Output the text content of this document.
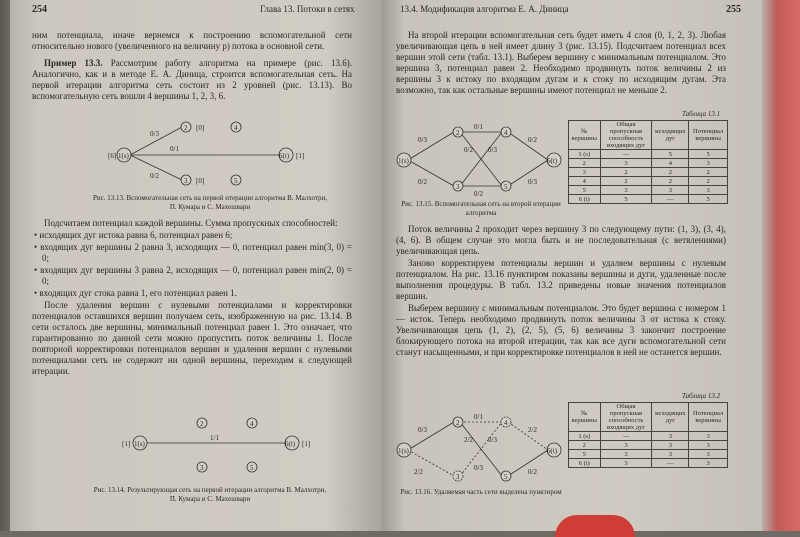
254	Глава 13. Потоки в сетях

ним потенциала, иначе вернемся к построению вспомогательной сети относительно нового (увеличенного на величину p) потока в основной сети.

Пример 13.3. Рассмотрим работу алгоритма на примере (рис. 13.6). Аналогично, как и в методе Е. А. Диница, строится вспомогательная сеть. На первой итерации алгоритма сеть состоит из 2 уровней (рис. 13.13). Во вспомогательную сеть вошли 4 вершины 1, 2, 3, 6.

1(s)
2	4
3	5
6(t)
0/3
0/1
0/2
[6]
[0]
[0]
[1]
Рис. 13.13. Вспомогательная сеть на первой итерации алгоритма В. Малхотри, П. Кумара и С. Махешвари

Подсчитаем потенциал каждой вершины. Сумма пропускных способностей:

• исходящих дуг истока равна 6, потенциал равен 6;

• входящих дуг вершины 2 равна 3, исходящих — 0, потенциал равен min(3, 0) = 0;

• входящих дуг вершины 3 равна 2, исходящих — 0, потенциал равен min(2, 0) = 0;

• входящих дуг стока равна 1, его потенциал равен 1.

После удаления вершин с нулевыми потенциалами и корректировки потенциалов оставшихся вершин получаем сеть, изображенную на рис. 13.14. В сети осталось две вершины, минимальный потенциал равен 1. Это означает, что гарантированно по данной сети можно пропустить поток величины 1. После повторной корректировки потенциалов вершин и удаления вершин с нулевыми потенциалами сеть не содержит ни одной вершины, переходим к следующей итерации.

1(s)
2	4
3	5
6(t)
1/1
[1]	[1]
Рис. 13.14. Результирующая сеть на первой итерации алгоритма В. Малхотри, П. Кумара и С. Махешвари
13.4. Модификация алгоритма Е. А. Диница	255

На второй итерации вспомогательная сеть будет иметь 4 слоя (0, 1, 2, 3). Любая увеличивающая цепь в ней имеет длину 3 (рис. 13.15). Подсчитаем потенциал всех вершин этой сети (табл. 13.1). Выберем вершину с минимальным потенциалом. Это вершина 3, потенциал равен 2. Необходимо продвинуть поток величины 2 из вершины 3 к истоку по входящим дугам и к стоку по исходящим дугам. Эта возможно, так как остальные вершины имеют потенциал не меньше 2.

1(s)
2
3
4
5
6(t)
0/3
0/1
0/2
0/2 0/3
0/2
0/2
0/3
Рис. 13.15. Вспомогательная сеть на второй итерации алгоритма
Таблица 13.1
№ вершины	Общая пропускная способность входящих дуг	исходящих дуг	Потенциал вершины
1 (s)	—	5	5
2	3	4	3
3	2	2	2
4	2	2	2
5	3	3	3
6 (t)	5	—	5

Поток величины 2 проходит через вершину 3 по следующему пути: (1, 3), (3, 4), (4, 6). В общем случае это могла быть и не последовательная (с ветвлениями) увеличивающая цепь.

Заново корректируем потенциалы вершин и удаляем вершины с нулевым потенциалом. На рис. 13.16 пунктиром показаны вершины и дуги, удаленные после выполнения процедуры. В табл. 13.2 приведены новые значения потенциалов вершин.

Выберем вершину с минимальным потенциалом. Это будет вершина с номером 1 — исток. Теперь необходимо продвинуть поток величины 3 от истока к стоку. Увеличивающая цепь (1, 2), (2, 5), (5, 6) величины 3 закончит построение блокирующего потока на второй итерации, так как все дуги вспомогательной сети станут насыщенными, и при корректировке потенциалов в ней не останется вершин.

1(s)
2
3
4
5
6(t)
0/3
0/1
2/2
2/2 0/3
0/3
2/2
0/2
Рис. 13.16. Удаляемая часть сети выделена пунктиром
Таблица 13.2
№ вершины	Общая пропускная способность входящих дуг	исходящих дуг	Потенциал вершины
1 (s)	—	3	3
2	3	3	3
5	3	3	3
6 (t)	3	—	3
